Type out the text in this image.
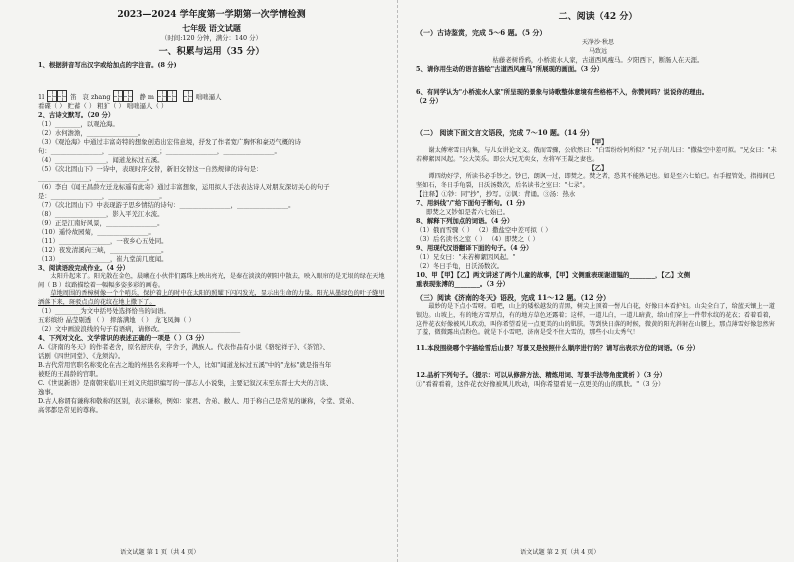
2023—2024 学年度第一学期第一次学情检测
七年级 语文试题
（时间:120 分钟，满分：140 分）
一、积累与运用（35 分）
1、根据拼音写出汉字或给加点的字注音。(8 分)
1l	笛 哀 zhang	静 m	咄咄逼人
看碟（ ） 贮蓄（ ） 粗犷（ ） 咄咄逼人（ ）
2、古诗文默写。（20 分）
（1）________，以观沧海。
（2）水何澹澹，________________。
（3）《观沧海》中通过丰富奇特的想象创造出宏伟意境，抒发了作者宽广胸怀和豪迈气概的诗
句：________________，________________；________________，________________。
（4）________________，闻道龙标过五溪。
（5）《次北固山下》一诗中，表现时序交替，新旧交替这一自然规律的诗句是：
________________，________________。
（6）李白《闻王昌龄左迁龙标遥有此寄》通过丰富想象，运用拟人手法表达诗人对朋友深切关心的句子
是：________________，________________。
（7）《次北固山下》中表现游子思乡情结的诗句：________________，________________。
（8）________________，影入平羌江水流。
（9）正是江南好风景，________________。
（10）遥怜故园菊，________________。
（11）________________，一夜乡心五处同。
（12）夜发清溪向三峡，________________。
（13）________________，崔九堂前几度闻。
3、阅读语段完成作业。（4 分）
太阳升起来了。阳光散在金色，晨曦在小伙伴们露珠上映出亮光，是秦在淡淡的朝阳中散去，映入眼帘的是无垠的绿在天地间（ B ）纹路描绘着一幅幅多姿多彩的画卷。
草地周围的香樟树像一个个哨兵，保护着上的时中在太阳的照耀下闪闪发光，显示出生命的力量。阳光从墨绿色的叶子缝里洒落下来，斑驳点点的花纹在地上撒下了。
（1）________为文中括号处选择恰当的词语。
五彩缤纷 晶莹剔透 （ ） 摔落满地 （ ） 龙飞凤舞（ ）
（2）文中画波浪线的句子有语病，请修改。________________________
4、下列对文化、文学常识的表述正确的一项是（ ）（3 分）
A.《济南的冬天》的作者老舍，原名舒庆春，字舍予，满族人。代表作品有小说《骆驼祥子》、《茶馆》、
话剧《四世同堂》、《龙须沟》。
B.古代常用官职名称变化在古之地的州县名来称呼一个人，比如"闻道龙标过五溪"中的"龙标"就是指当年
被贬的王昌龄的官职。
C.《世说新语》是南朝宋临川王刘义庆组织编写的一部志人小说集，主要记叙汉末至东晋士大夫的言谈、
逸事。
D.古人称谓有谦称和敬称的区别，表示谦称，例如：家君、舍弟、敝人、用于称自己是常见的谦称，令堂、贤弟、
高邻都是常见的尊称。
语文试题 第 1 页（共 4 页）
二、阅读（42 分）
（一）古诗鉴赏，完成 5～6 题。（5 分）
天净沙·秋思
马致远
枯藤老树昏鸦，小桥流水人家，古道西风瘦马。夕阳西下，断肠人在天涯。
5、请你用生动的语言描绘"古道西风瘦马"所展现的画面。（3 分）
6、有同学认为"小桥流水人家"所呈现的景象与诗歌整体意境有些格格不入，你赞同吗？说说你的理由。
（2 分）
（二） 阅读下面文言文语段，完成 7～10 题。（14 分）
【甲】
谢太傅寒雪日内集，与儿女讲论文义。俄而雪骤，公欣然曰："白雪纷纷何所似？"兄子胡儿曰："撒盐空中差可拟。"兄女曰："未若柳絮因风起。"公大笑乐。即公大兄无奕女，左将军王凝之妻也。
【乙】
谭四幼好学，所读书必手钞之。钞已，朗讽一过，即焚之。焚之者，恐其不能熟记也。如是至六七始已。右手握管处，指拇间已坚如石，冬日手龟裂，日沃汤数次，后名读书之室曰："七录"。
【注释】①钞：同"抄"，抄写。②讽：背诵。③汤：热水
7、用斜线"/"给下面句子断句。(1 分)
即焚之又钞如是者六七始已。
8、解释下列加点的词语。（4 分）
（1）俄而雪骤（ ） （2）撒盐空中差可拟（ ）
（3）后名读书之室（ ） （4）即焚之（ ）
9、用现代汉语翻译下面的句子。（4 分）
（1）兄女曰："未若柳絮因风起。"
（2）冬日手龟，日沃汤数次。
10、甲【甲】【乙】两文讲述了两个儿童的故事，【甲】文侧重表现谢道韫的________，【乙】文侧
重表现张溥的________。（3 分）
（三）阅读《济南的冬天》语段，完成 11～12 题。（12 分）
最妙的是下点小雪呀。看吧，山上的矮松越发的青黑，树尖上顶着一髻儿白花，好像日本看护妇。山尖全白了，给蓝天镶上一道银边。山坡上，有的地方雪厚点，有的地方草色还露着；这样，一道儿白，一道儿暗黄，给山们穿上一件带水纹的花衣；看着看着，这件花衣好像被风儿吹动，叫你希望看见一点更美的山的肌肤。等到快日落的时候，微黄的阳光斜射在山腰上，那点薄雪好像忽然害了羞，微微露出点粉色。就是下小雪吧，济南是受不住大雪的，那些小山太秀气！
11.本段围绕哪个字描绘雪后山景？写景又是按照什么顺序进行的？请写出表示方位的词语。（6 分）
12.品析下列句子。（提示：可以从修辞方法、精炼用词、写景手法等角度赏析 ）（3 分）
①"看着看着，这件花衣好像被风儿吹动，叫你希望看见一点更美的山的肌肤。"（3 分）
语文试题 第 2 页（共 4 页）
